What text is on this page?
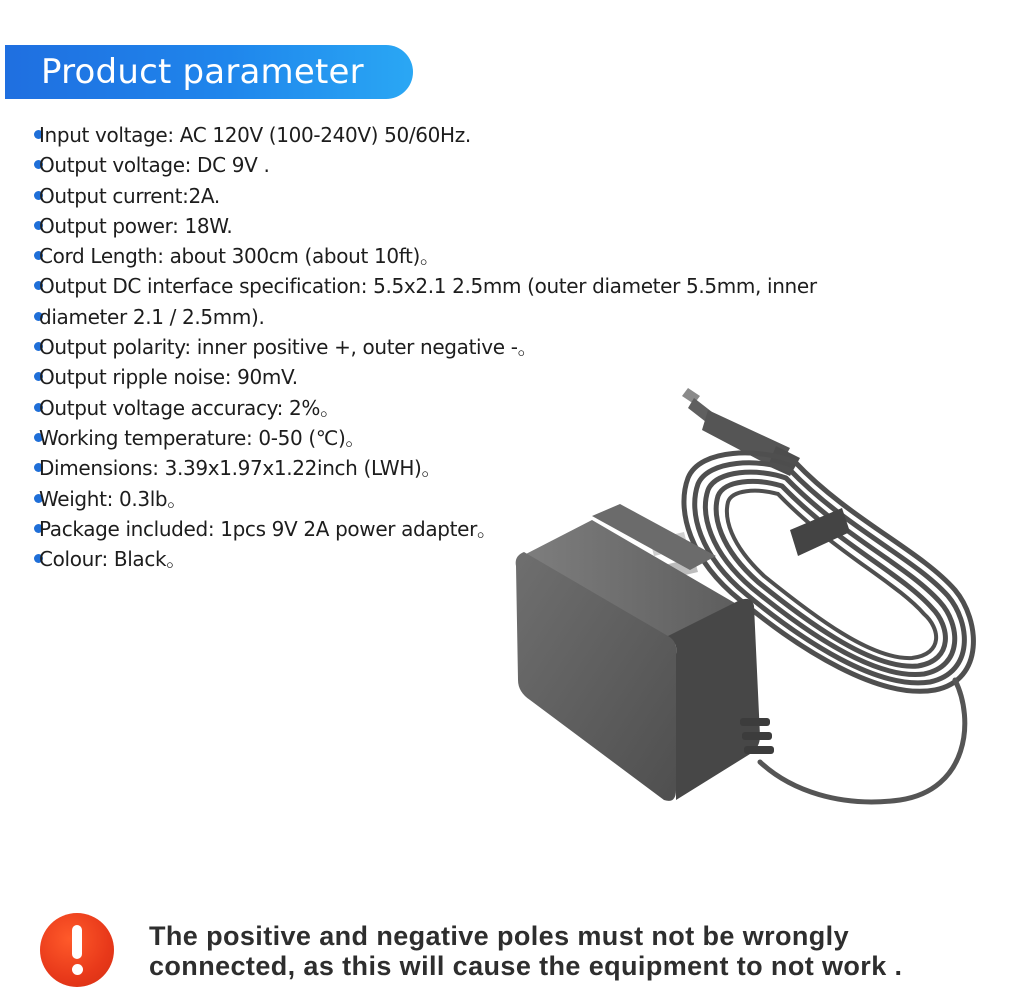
Product parameter
Input voltage: AC 120V (100-240V) 50/60Hz.
Output voltage: DC 9V .
Output current:2A.
Output power: 18W.
Cord Length: about 300cm (about 10ft)。
Output DC interface specification: 5.5x2.1 2.5mm (outer diameter 5.5mm, inner
diameter 2.1 / 2.5mm).
Output polarity: inner positive +, outer negative -。
Output ripple noise: 90mV.
Output voltage accuracy: 2%。
Working temperature: 0-50 (℃)。
Dimensions: 3.39x1.97x1.22inch (LWH)。
Weight: 0.3lb。
Package included: 1pcs 9V 2A power adapter。
Colour: Black。
The positive and negative poles must not be wrongly
connected, as this will cause the equipment to not work .
